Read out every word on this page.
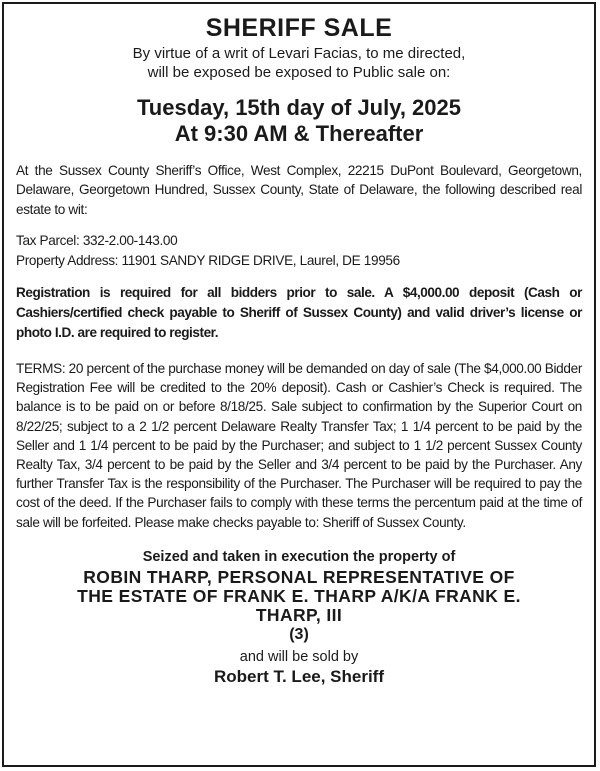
SHERIFF SALE

By virtue of a writ of Levari Facias, to me directed,
will be exposed be exposed to Public sale on:

Tuesday, 15th day of July, 2025
At 9:30 AM & Thereafter

At the Sussex County Sheriff’s Office, West Complex, 22215 DuPont Boulevard, Georgetown, Delaware, Georgetown Hundred, Sussex County, State of Delaware, the following described real estate to wit:

Tax Parcel: 332-2.00-143.00
Property Address: 11901 SANDY RIDGE DRIVE, Laurel, DE 19956

Registration is required for all bidders prior to sale. A $4,000.00 deposit (Cash or Cashiers/certified check payable to Sheriff of Sussex County) and valid driver’s license or photo I.D. are required to register.

TERMS: 20 percent of the purchase money will be demanded on day of sale (The $4,000.00 Bidder Registration Fee will be credited to the 20% deposit). Cash or Cashier’s Check is required. The balance is to be paid on or before 8/18/25. Sale subject to confirmation by the Superior Court on 8/22/25; subject to a 2 1/2 percent Delaware Realty Transfer Tax; 1 1/4 percent to be paid by the Seller and 1 1/4 percent to be paid by the Purchaser; and subject to 1 1/2 percent Sussex County Realty Tax, 3/4 percent to be paid by the Seller and 3/4 percent to be paid by the Purchaser. Any further Transfer Tax is the responsibility of the Purchaser. The Purchaser will be required to pay the cost of the deed. If the Purchaser fails to comply with these terms the percentum paid at the time of sale will be forfeited. Please make checks payable to: Sheriff of Sussex County.

Seized and taken in execution the property of
ROBIN THARP, PERSONAL REPRESENTATIVE OF
THE ESTATE OF FRANK E. THARP A/K/A FRANK E.
THARP, III
(3)
and will be sold by
Robert T. Lee, Sheriff
